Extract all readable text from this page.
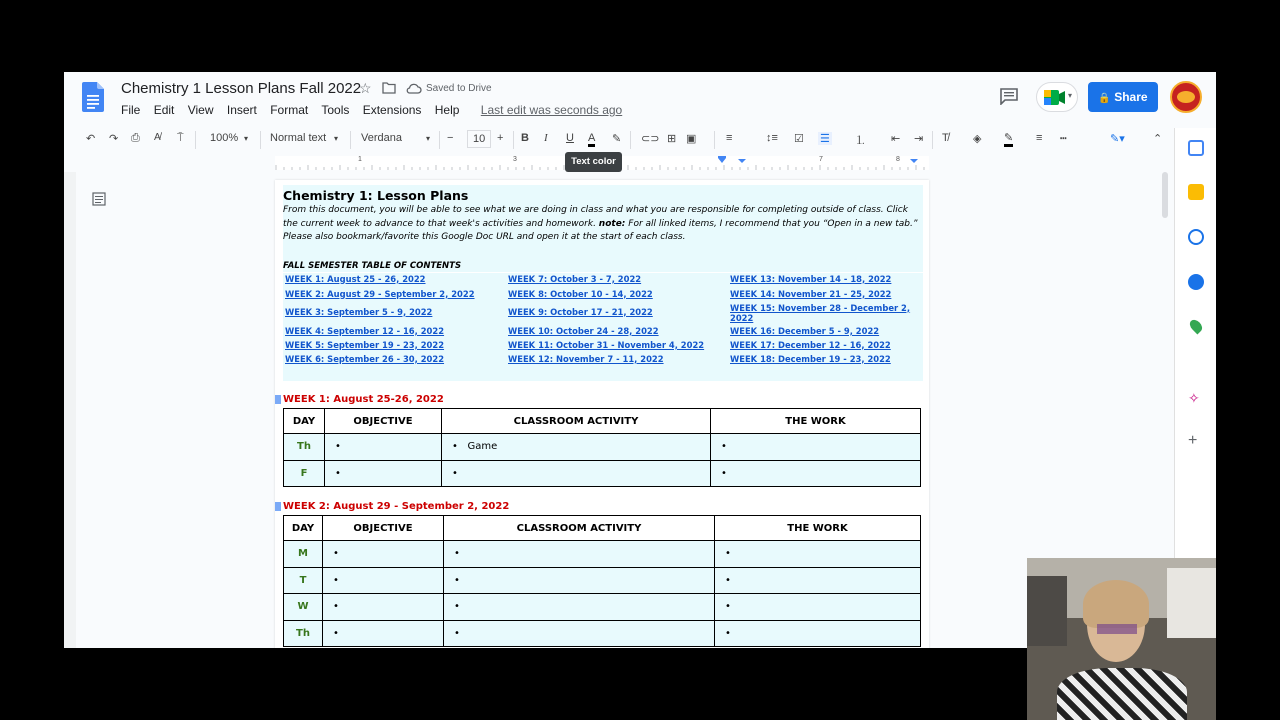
Chemistry 1 Lesson Plans Fall 2022
☆	Saved to Drive
File Edit View Insert Format Tools Extensions Help Last edit was seconds ago
▾	🔒 Share
↶ ↷ ⎙ A̸ ⍑ 100% ▾ Normal text ▾ Verdana	▾ −	10	+ B I U A ✎ ⊂⊃ ⊞ ▣	≡	↕≡ ☑ ☰ ⒈ ⇤ ⇥ T̸ ◈ ✎ ≡ ┅	✎▾	⌃
1	3	7	8
Text color
Chemistry 1: Lesson Plans

From this document, you will be able to see what we are doing in class and what you are responsible for completing outside of class. Click the current week to advance to that week's activities and homework. note: For all linked items, I recommend that you “Open in a new tab.” Please also bookmark/favorite this Google Doc URL and open it at the start of each class.

FALL SEMESTER TABLE OF CONTENTS
WEEK 1: August 25 - 26, 2022
WEEK 2: August 29 - September 2, 2022
WEEK 3: September 5 - 9, 2022
WEEK 4: September 12 - 16, 2022
WEEK 5: September 19 - 23, 2022
WEEK 6: September 26 - 30, 2022
WEEK 7: October 3 - 7, 2022
WEEK 8: October 10 - 14, 2022
WEEK 9: October 17 - 21, 2022
WEEK 10: October 24 - 28, 2022
WEEK 11: October 31 - November 4, 2022
WEEK 12: November 7 - 11, 2022
WEEK 13: November 14 - 18, 2022
WEEK 14: November 21 - 25, 2022
WEEK 15: November 28 - December 2, 2022
WEEK 16: December 5 - 9, 2022
WEEK 17: December 12 - 16, 2022
WEEK 18: December 19 - 23, 2022
WEEK 1: August 25-26, 2022
DAY	OBJECTIVE	CLASSROOM ACTIVITY	THE WORK
Th	•	• Game	•
F	•	•	•
WEEK 2: August 29 - September 2, 2022
DAY	OBJECTIVE	CLASSROOM ACTIVITY	THE WORK
M	•	•	•
T	•	•	•
W	•	•	•
Th	•	•	•
✧
+
